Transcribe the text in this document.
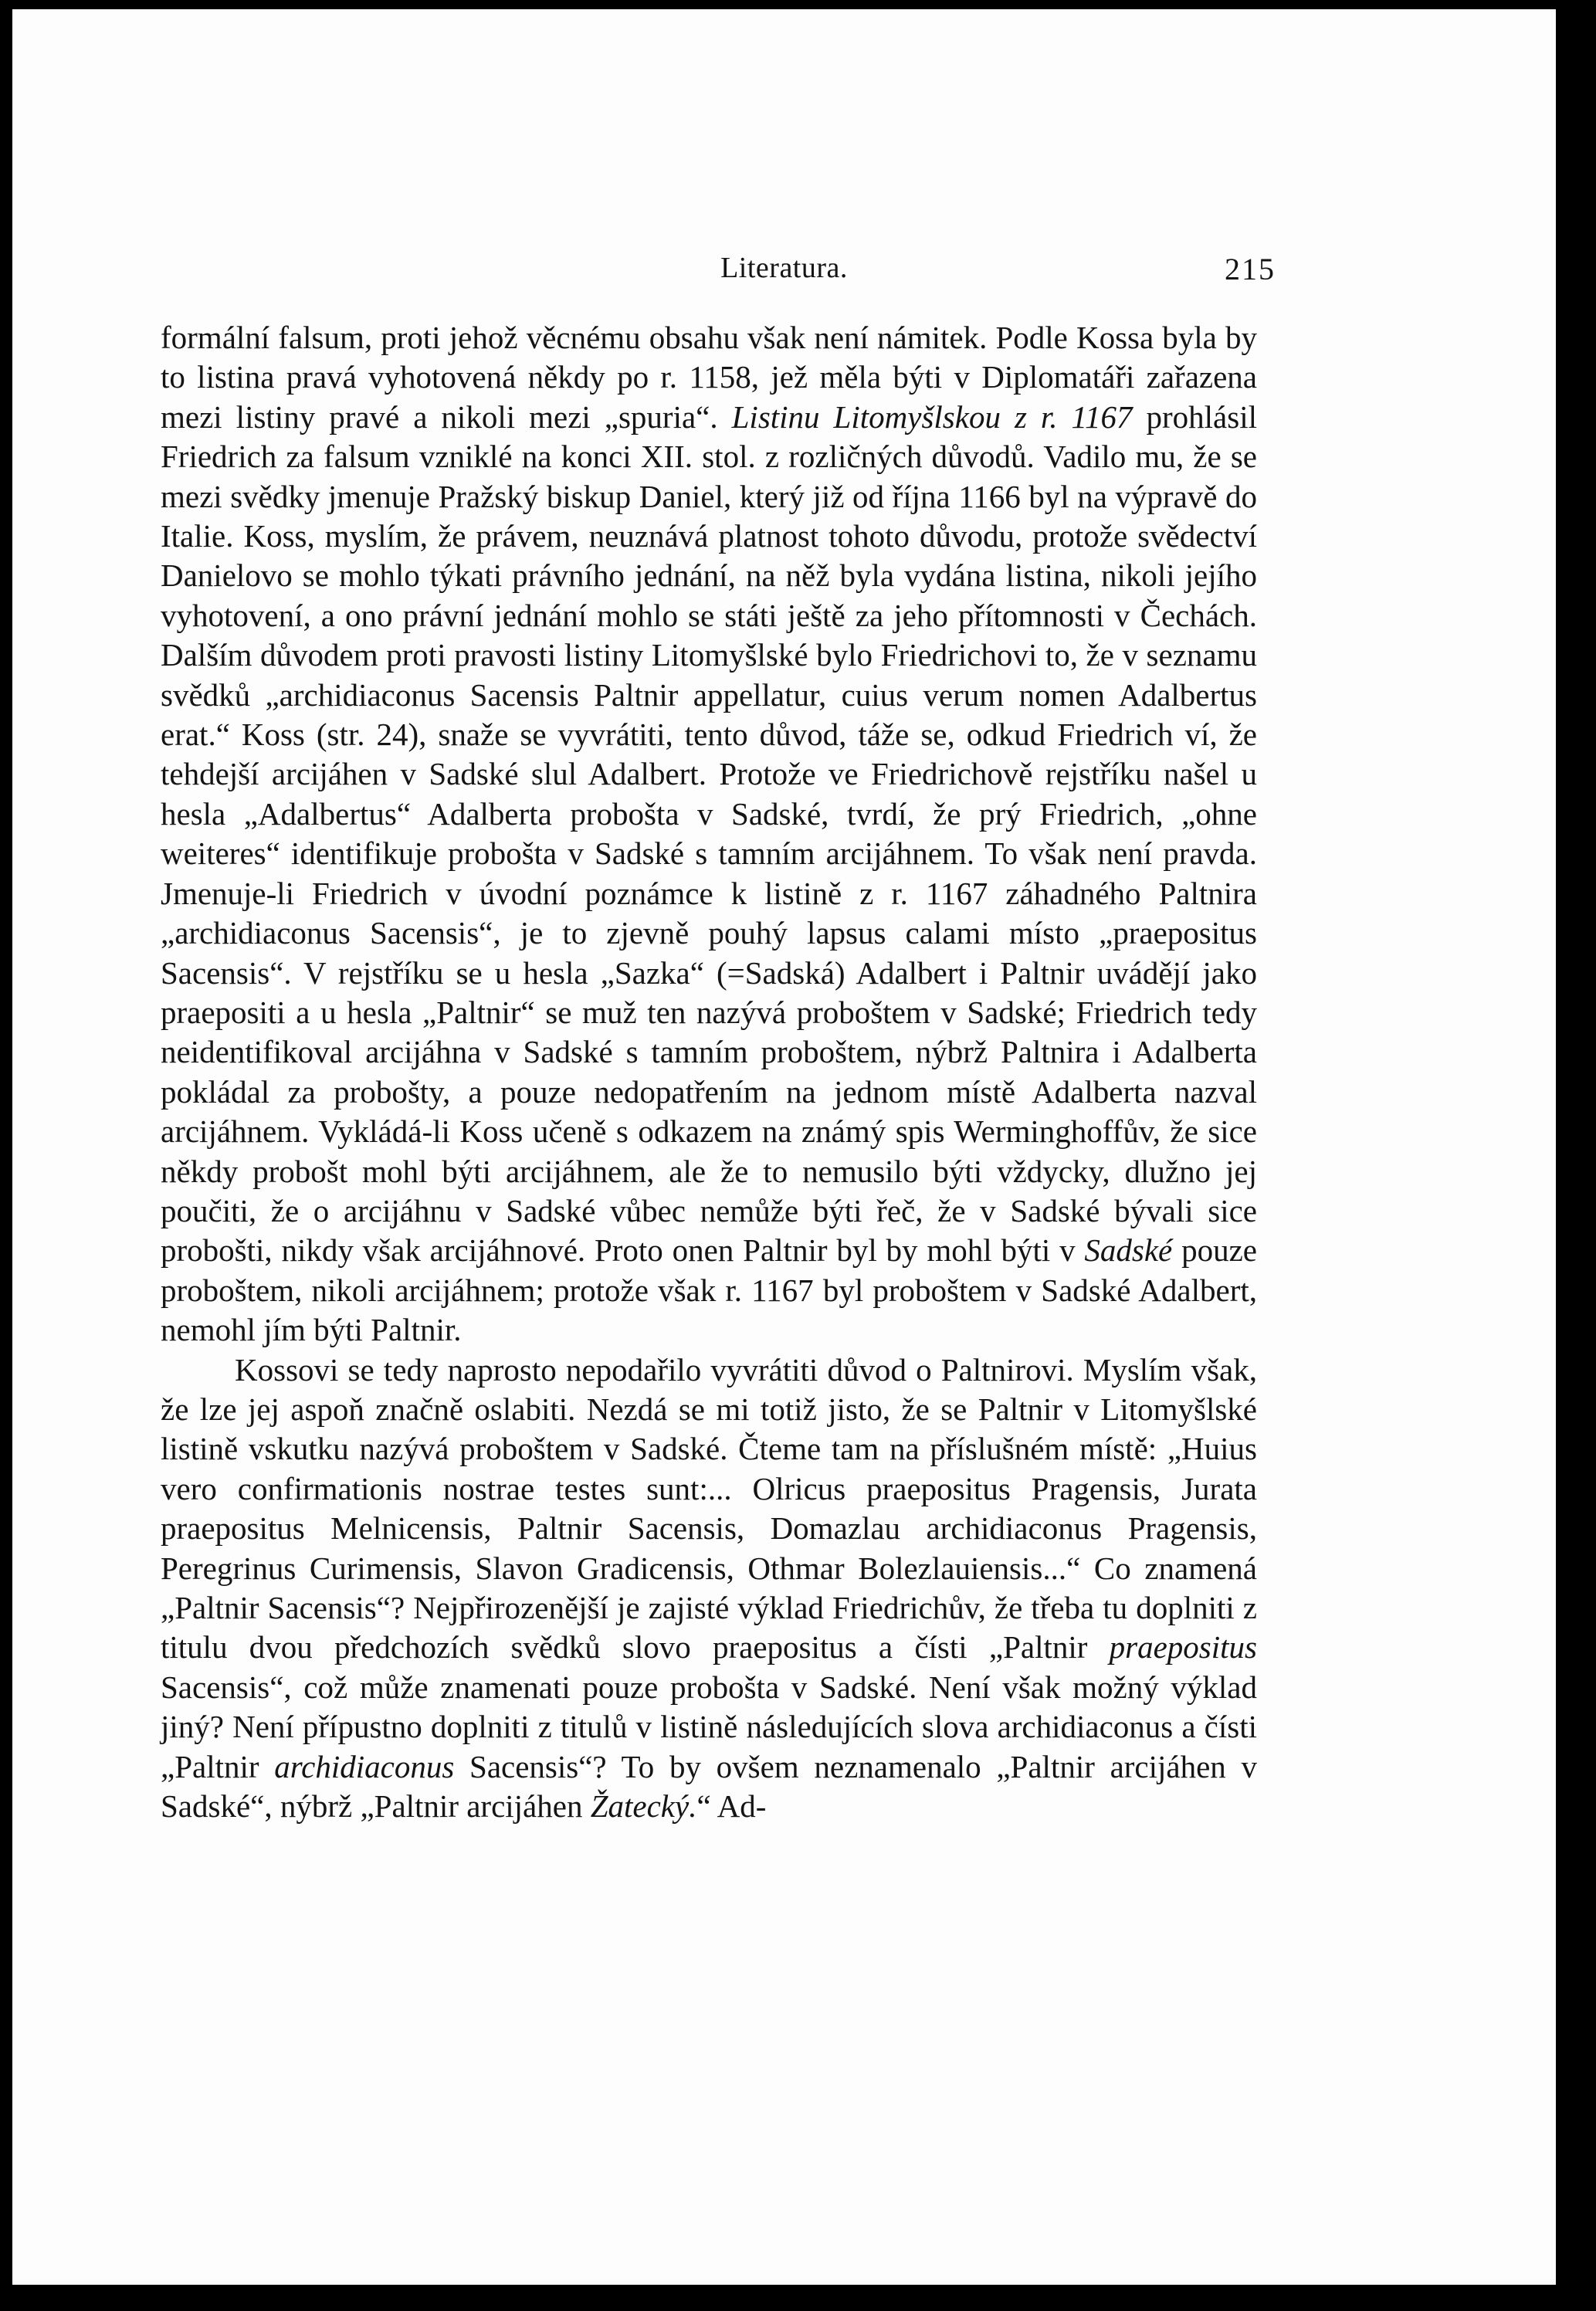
Literatura.	215

formální falsum, proti jehož věcnému obsahu však není námitek. Podle Kossa byla by to listina pravá vyhotovená někdy po r. 1158, jež měla býti v Diplomatáři zařazena mezi listiny pravé a nikoli mezi „spuria“. Listinu Litomyšlskou z r. 1167 prohlásil Friedrich za falsum vzniklé na konci XII. stol. z rozličných důvodů. Vadilo mu, že se mezi svědky jmenuje Pražský biskup Daniel, který již od října 1166 byl na výpravě do Italie. Koss, myslím, že právem, neuznává platnost tohoto důvodu, protože svědectví Danielovo se mohlo týkati právního jednání, na něž byla vydána listina, nikoli jejího vyhotovení, a ono právní jednání mohlo se státi ještě za jeho přítomnosti v Čechách. Dalším důvodem proti pravosti listiny Litomyšlské bylo Friedrichovi to, že v seznamu svědků „archidiaconus Sacensis Paltnir appellatur, cuius verum nomen Adalbertus erat.“ Koss (str. 24), snaže se vyvrátiti, tento důvod, táže se, odkud Friedrich ví, že tehdejší arcijáhen v Sadské slul Adalbert. Protože ve Friedrichově rejstříku našel u hesla „Adalbertus“ Adalberta probošta v Sadské, tvrdí, že prý Friedrich, „ohne weiteres“ identifikuje probošta v Sadské s tamním arcijáhnem. To však není pravda. Jmenuje-li Friedrich v úvodní poznámce k listině z r. 1167 záhadného Paltnira „archidiaconus Sacensis“, je to zjevně pouhý lapsus calami místo „praepositus Sacensis“. V rejstříku se u hesla „Sazka“ (=Sadská) Adalbert i Paltnir uvádějí jako praepositi a u hesla „Paltnir“ se muž ten nazývá proboštem v Sadské; Friedrich tedy neidentifikoval arcijáhna v Sadské s tamním proboštem, nýbrž Paltnira i Adalberta pokládal za probošty, a pouze nedopatřením na jednom místě Adalberta nazval arcijáhnem. Vykládá-li Koss učeně s odkazem na známý spis Werminghoffův, že sice někdy probošt mohl býti arcijáhnem, ale že to nemusilo býti vždycky, dlužno jej poučiti, že o arcijáhnu v Sadské vůbec nemůže býti řeč, že v Sadské bývali sice probošti, nikdy však arcijáhnové. Proto onen Paltnir byl by mohl býti v Sadské pouze proboštem, nikoli arcijáhnem; protože však r. 1167 byl proboštem v Sadské Adalbert, nemohl jím býti Paltnir.

Kossovi se tedy naprosto nepodařilo vyvrátiti důvod o Paltnirovi. Myslím však, že lze jej aspoň značně oslabiti. Nezdá se mi totiž jisto, že se Paltnir v Litomyšlské listině vskutku nazývá proboštem v Sadské. Čteme tam na příslušném místě: „Huius vero confirmationis nostrae testes sunt:... Olricus praepositus Pragensis, Jurata praepositus Melnicensis, Paltnir Sacensis, Domazlau archidiaconus Pragensis, Peregrinus Curimensis, Slavon Gradicensis, Othmar Bolezlauiensis...“ Co znamená „Paltnir Sacensis“? Nejpřirozenější je zajisté výklad Friedrichův, že třeba tu doplniti z titulu dvou předchozích svědků slovo praepositus a čísti „Paltnir praepositus Sacensis“, což může znamenati pouze probošta v Sadské. Není však možný výklad jiný? Není přípustno doplniti z titulů v listině následujících slova archidiaconus a čísti „Paltnir archidiaconus Sacensis“? To by ovšem neznamenalo „Paltnir arcijáhen v Sadské“, nýbrž „Paltnir arcijáhen Žatecký.“ Ad-
